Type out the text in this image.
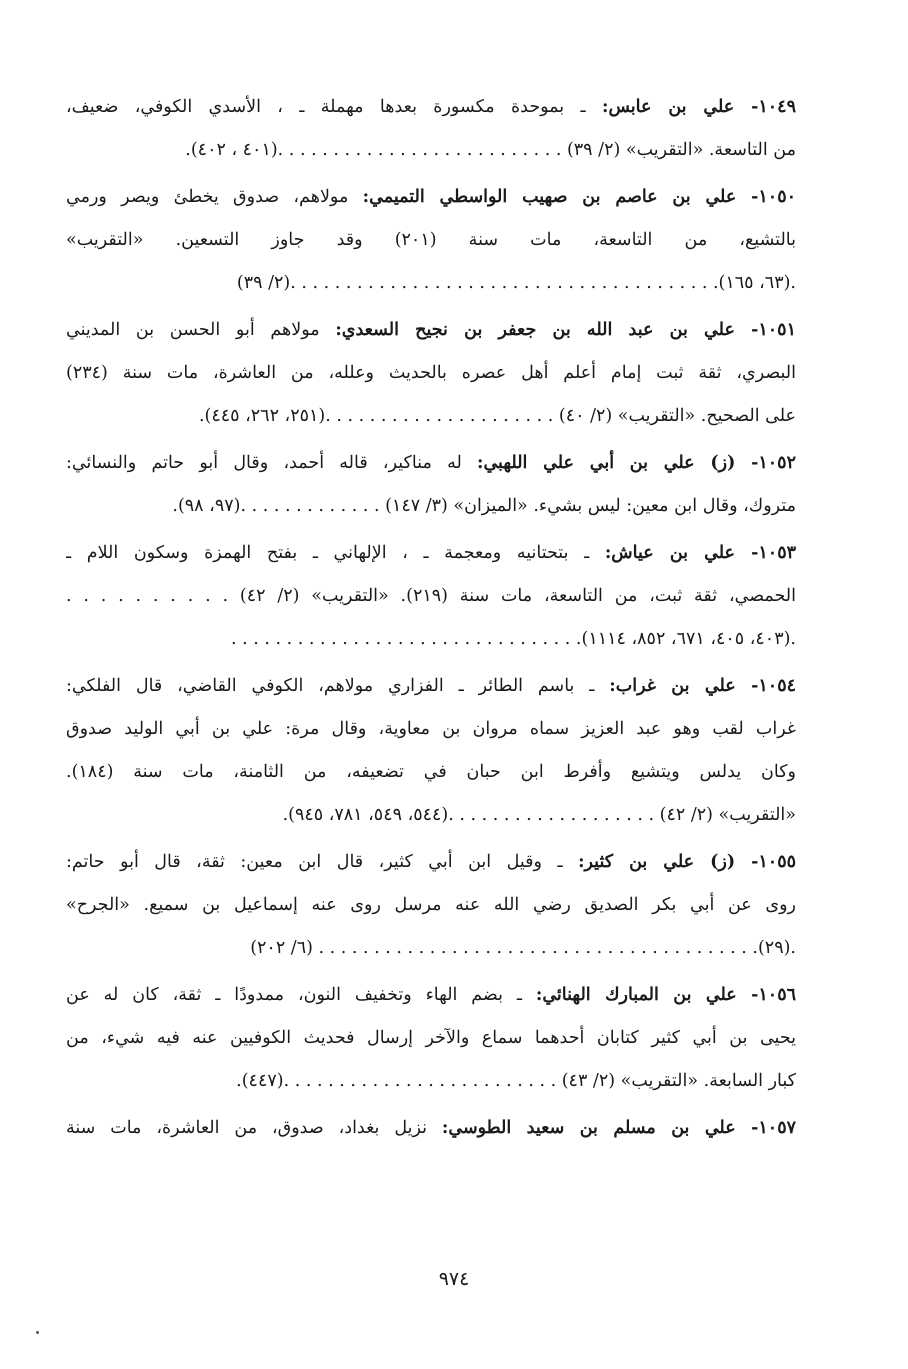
١٠٤٩- علي بن عابس: ـ بموحدة مكسورة بعدها مهملة ـ ، الأسدي الكوفي، ضعيف،
من التاسعة. «التقريب» (٢/ ٣٩) . . . . . . . . . . . . . . . . . . . . . . . . . .(٤٠١ ، ٤٠٢).
١٠٥٠- علي بن عاصم بن صهيب الواسطي التميمي: مولاهم، صدوق يخطئ ويصر ورمي
بالتشيع، من التاسعة، مات سنة (٢٠١) وقد جاوز التسعين. «التقريب»
(٢/ ٣٩). . . . . . . . . . . . . . . . . . . . . . . . . . . . . . . . . . . . . . .(٦٣، ١٦٥).
١٠٥١- علي بن عبد الله بن جعفر بن نجيح السعدي: مولاهم أبو الحسن بن المديني
البصري، ثقة ثبت إمام أعلم أهل عصره بالحديث وعلله، من العاشرة، مات سنة (٢٣٤)
على الصحيح. «التقريب» (٢/ ٤٠) . . . . . . . . . . . . . . . . . . . . .(٢٥١، ٢٦٢، ٤٤٥).
١٠٥٢- (ز) علي بن أبي علي اللهبي: له مناكير، قاله أحمد، وقال أبو حاتم والنسائي:
متروك، وقال ابن معين: ليس بشيء. «الميزان» (٣/ ١٤٧) . . . . . . . . . . . . .(٩٧، ٩٨).
١٠٥٣- علي بن عياش: ـ بتحتانيه ومعجمة ـ ، الإلهاني ـ بفتح الهمزة وسكون اللام ـ
الحمصي، ثقة ثبت، من التاسعة، مات سنة (٢١٩). «التقريب» (٢/ ٤٢) . . . . . . . . . .
. . . . . . . . . . . . . . . . . . . . . . . . . . . . . . . .(٤٠٣، ٤٠٥، ٦٧١، ٨٥٢، ١١١٤).
١٠٥٤- علي بن غراب: ـ باسم الطائر ـ الفزاري مولاهم، الكوفي القاضي، قال الفلكي:
غراب لقب وهو عبد العزيز سماه مروان بن معاوية، وقال مرة: علي بن أبي الوليد صدوق
وكان يدلس ويتشيع وأفرط ابن حبان في تضعيفه، من الثامنة، مات سنة (١٨٤).
«التقريب» (٢/ ٤٢) . . . . . . . . . . . . . . . . . . .(٥٤٤، ٥٤٩، ٧٨١، ٩٤٥).
١٠٥٥- (ز) علي بن كثير: ـ وقيل ابن أبي كثير، قال ابن معين: ثقة، قال أبو حاتم:
روى عن أبي بكر الصديق رضي الله عنه مرسل روى عنه إسماعيل بن سميع. «الجرح»
(٦/ ٢٠٢) . . . . . . . . . . . . . . . . . . . . . . . . . . . . . . . . . . . . . . . .(٢٩).
١٠٥٦- علي بن المبارك الهنائي: ـ بضم الهاء وتخفيف النون، ممدودًا ـ ثقة، كان له عن
يحيى بن أبي كثير كتابان أحدهما سماع والآخر إرسال فحديث الكوفيين عنه فيه شيء، من
كبار السابعة. «التقريب» (٢/ ٤٣) . . . . . . . . . . . . . . . . . . . . . . . . .(٤٤٧).
١٠٥٧- علي بن مسلم بن سعيد الطوسي: نزيل بغداد، صدوق، من العاشرة، مات سنة
٩٧٤
